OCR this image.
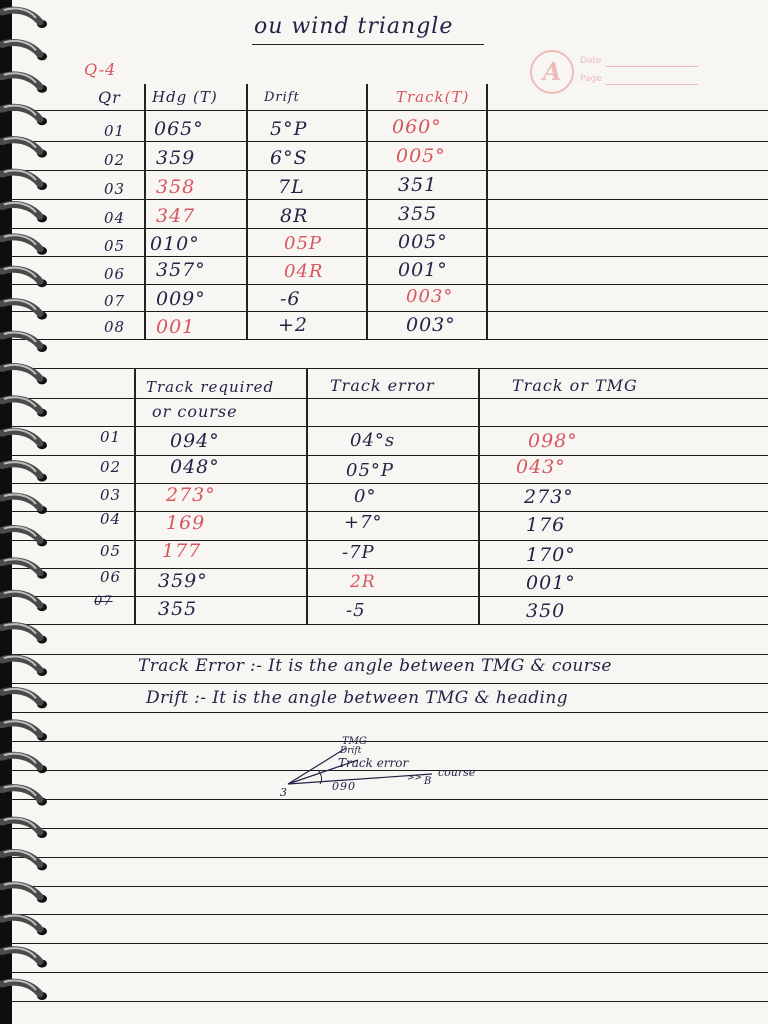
ou wind triangle
Q-4	A	Date
Page
Qr Hdg (T)	Drift	Track(T)
01 065°	5°P	060°
02 359	6°S	005°
03 358	7L	351
04 347	8R	355
05 010°	05P	005°
06 357°	04R	001°
07 009°	-6	003°
08 001	+2	003°
Track required
or course
Track error	Track or TMG
01	094°	04°s	098°
02	048°	05°P	043°
03 273°	0°	273°
04 169	+7°	176
05 177	-7P	170°
06 359°	2R	001°
07 355	-5	350
Track Error :- It is the angle between TMG & course
Drift :- It is the angle between TMG & heading
>>
TMG
Drift
Track error
course
090
3
B
